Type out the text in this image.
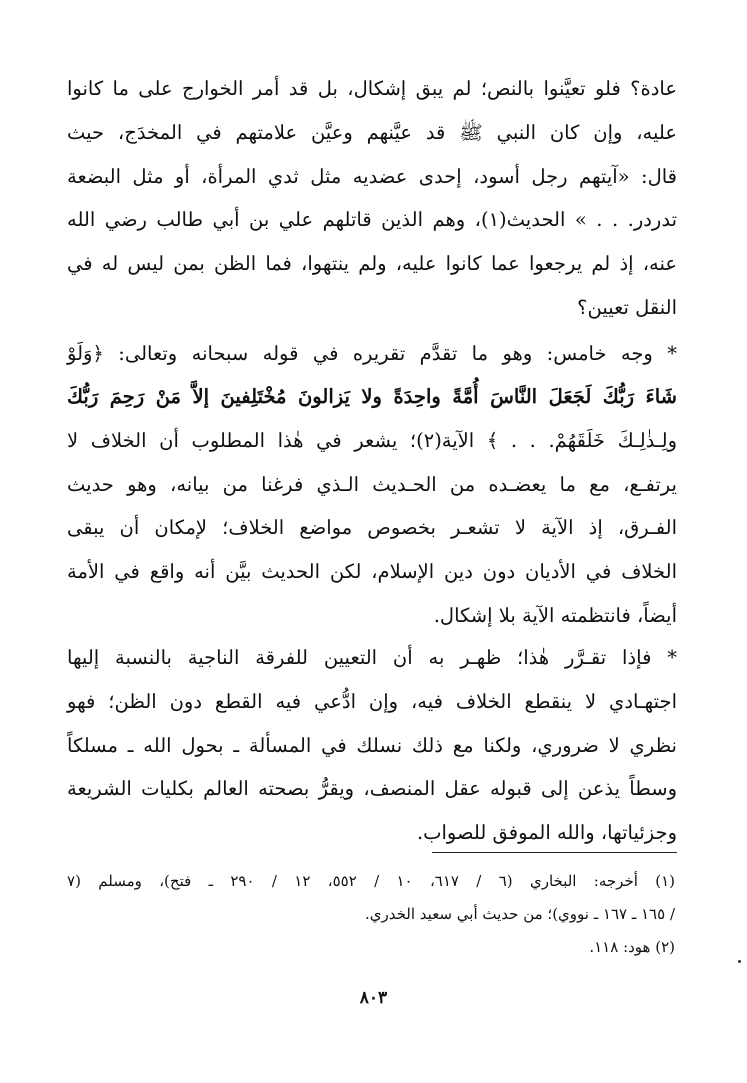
عادة؟ فلو تعيَّنوا بالنص؛ لم يبق إشكال، بل قد أمر الخوارج على ما كانوا
عليه، وإن كان النبي ﷺ قد عيَّنهم وعيَّن علامتهم في المخدَج، حيث
قال: «آيتهم رجل أسود، إحدى عضديه مثل ثدي المرأة، أو مثل البضعة
تدردر. . . » الحديث(١)، وهم الذين قاتلهم علي بن أبي طالب رضي الله
عنه، إذ لم يرجعوا عما كانوا عليه، ولم ينتهوا، فما الظن بمن ليس له في
النقل تعيين؟
* وجه خامس: وهو ما تقدَّم تقريره في قوله سبحانه وتعالى: ﴿وَلَوْ
شَاءَ رَبُّكَ لَجَعَلَ النَّاسَ أُمَّةً واحِدَةً ولا يَزالونَ مُخْتَلِفينَ إلاَّ مَنْ رَحِمَ رَبُّكَ
ولِـذٰلِـكَ خَلَقَهُمْ. . . ﴾ الآية(٢)؛ يشعر في هٰذا المطلوب أن الخلاف لا
يرتفـع، مع ما يعضـده من الحـديث الـذي فرغنا من بيانه، وهو حديث
الفـرق، إذ الآية لا تشعـر بخصوص مواضع الخلاف؛ لإمكان أن يبقى
الخلاف في الأديان دون دين الإسلام، لكن الحديث بيَّن أنه واقع في الأمة
أيضاً، فانتظمته الآية بلا إشكال.
* فإذا تقـرَّر هٰذا؛ ظهـر به أن التعيين للفرقة الناجية بالنسبة إليها
اجتهـادي لا ينقطع الخلاف فيه، وإن ادُّعي فيه القطع دون الظن؛ فهو
نظري لا ضروري، ولكنا مع ذلك نسلك في المسألة ـ بحول الله ـ مسلكاً
وسطاً يذعن إلى قبوله عقل المنصف، ويقرُّ بصحته العالم بكليات الشريعة
وجزئياتها، والله الموفق للصواب.
(١) أخرجه: البخاري (٦ / ٦١٧، ١٠ / ٥٥٢، ١٢ / ٢٩٠ ـ فتح)، ومسلم (٧
/ ١٦٥ ـ ١٦٧ ـ نووي)؛ من حديث أبي سعيد الخدري.
(٢) هود: ١١٨.
٨٠٣
